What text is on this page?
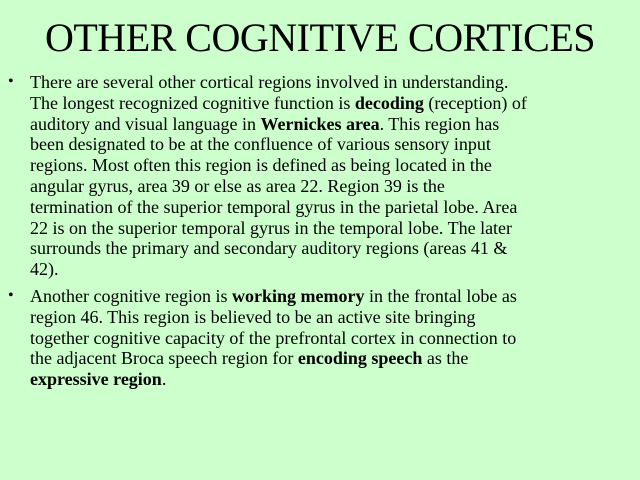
OTHER COGNITIVE CORTICES
• There are several other cortical regions involved in understanding.
The longest recognized cognitive function is decoding (reception) of
auditory and visual language in Wernickes area. This region has
been designated to be at the confluence of various sensory input
regions. Most often this region is defined as being located in the
angular gyrus, area 39 or else as area 22. Region 39 is the
termination of the superior temporal gyrus in the parietal lobe. Area
22 is on the superior temporal gyrus in the temporal lobe. The later
surrounds the primary and secondary auditory regions (areas 41 &
42).
• Another cognitive region is working memory in the frontal lobe as
region 46. This region is believed to be an active site bringing
together cognitive capacity of the prefrontal cortex in connection to
the adjacent Broca speech region for encoding speech as the
expressive region.
